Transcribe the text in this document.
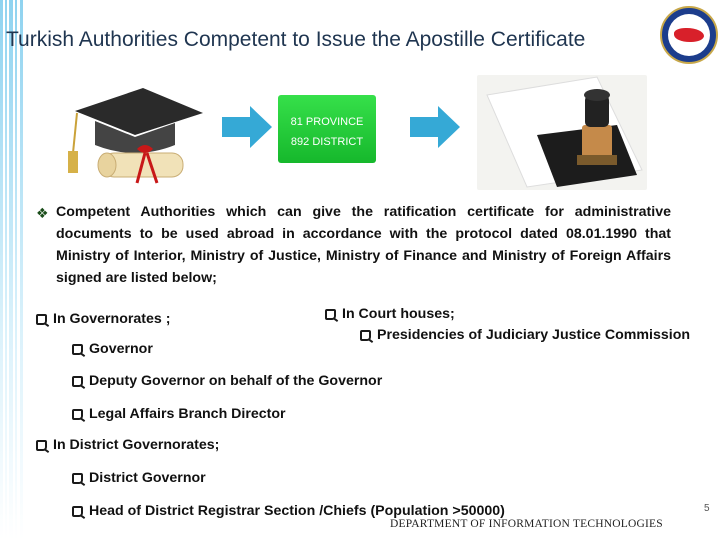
Turkish Authorities Competent to Issue the Apostille Certificate
81 PROVINCE
892 DISTRICT
❖ Competent Authorities which can give the ratification certificate for administrative documents to be used abroad in accordance with the protocol dated 08.01.1990 that Ministry of Interior, Ministry of Justice, Ministry of Finance and Ministry of Foreign Affairs signed are listed below;
In Governorates ;
Governor
Deputy Governor on behalf of the Governor
Legal Affairs Branch Director
In District Governorates;
District Governor
Head of District Registrar Section /Chiefs (Population >50000)
In Court houses;
Presidencies of Judiciary Justice Commission
5
DEPARTMENT OF INFORMATION TECHNOLOGIES
